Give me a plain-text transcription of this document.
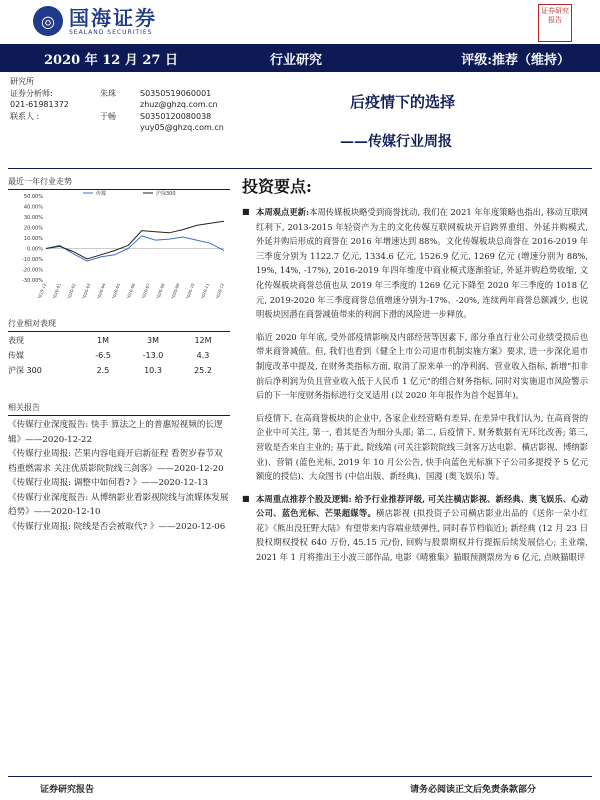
◎ 国海证券
SEALAND SECURITIES
证券研究报告
2020 年 12 月 27 日	行业研究	评级:推荐（维持）
研究所
证券分析师:	朱珠	S0350519060001
021-61981372	zhuz@ghzq.com.cn
联系人 :	于畅	S0350120080038
yuy05@ghzq.com.cn
后疫情下的选择
——传媒行业周报
最近一年行业走势
50.00%
40.00%
30.00%
20.00%
10.00%
0.00%
-10.00%
-20.00%
-30.00%
2019-12 2020-01 2020-02 2020-03 2020-04 2020-05 2020-06 2020-07 2020-08 2020-09 2020-10 2020-11 2020-12
传媒	沪深300
行业相对表现
表现	1M	3M	12M
传媒	-6.5	-13.0	4.3
沪深 300	2.5	10.3	25.2
相关报告
《传媒行业深度报告: 快手 算法之上的普惠短视频的长逻辑》——2020-12-22
《传媒行业周报: 芒果内容电商开启新征程 看贺岁春节双档重燃需求 关注优质影院院线三剑客》——2020-12-20
《传媒行业周报: 调整中如何看? 》——2020-12-13
《传媒行业深度报告: 从博纳影业看影视院线与流媒体发展趋势》——2020-12-10
《传媒行业周报: 院线是否会被取代? 》——2020-12-06
投资要点:
■ 本周观点更新:本周传媒板块略受到商誉扰动, 我们在 2021 年年度策略也指出, 移动互联网红利下, 2013-2015 年轻资产为主的文化传媒互联网板块开启跨界重组、外延并购模式, 外延并购后形成的商誉在 2016 年增速达到 88%。文化传媒板块总商誉在 2016-2019 年三季度分别为 1122.7 亿元, 1334.6 亿元, 1526.9 亿元, 1269 亿元 (增速分别为 88%, 19%, 14%, -17%), 2016-2019 年四年维度中商业模式逐渐验证, 外延并购趋势收缩, 文化传媒板块商誉总值也从 2019 年三季度的 1269 亿元下降至 2020 年三季度的 1018 亿元, 2019-2020 年三季度商誉总值增速分别为-17%、-20%, 连续两年商誉总额减少, 也说明板块因潜在商誉减值带来的利润下滑的风险进一步释放。
临近 2020 年年底, 受外部疫情影响及内部经营等因素下, 部分垂直行业公司业绩受损后也带来商誉减值。但, 我们也看到《健全上市公司退市机制实施方案》要求, 进一步深化退市制度改革中提及, 在财务类指标方面, 取消了原来单一的净利润、营业收入指标, 新增"扣非前后净利润为负且营业收入低于人民币 1 亿元"的组合财务指标, 同时对实施退市风险警示后的下一年度财务指标进行交叉适用 (以 2020 年年报作为首个起算年)。
后疫情下, 在高商誉板块的企业中, 各家企业经营略有差异, 在差异中我们认为, 在高商誉的企业中可关注, 第一, 看其是否为细分头部; 第二, 后疫情下, 财务数据有无环比改善; 第三, 营收是否来自主业的; 基于此, 院线端 (可关注影院院线三剑客万达电影、横店影视、博纳影业)、营销 (蓝色光标, 2019 年 10 月公公告, 快手向蓝色光标旗下子公司多提授予 5 亿元额度的授信)、大众图书 (中信出版、新经典)、国漫 (奥飞娱乐) 等。
■ 本周重点推荐个股及逻辑: 给予行业推荐评级, 可关注横店影视、新经典、奥飞娱乐、心动公司、蓝色光标、芒果超媒等。横店影视 (拟投资子公司横店影业出品的《送你一朵小红花》《熊出没狂野大陆》有望带来内容端业绩弹性, 同时春节档临近); 新经典 (12 月 23 日股权期权授权 640 万份, 45.15 元/份, 回购与股票期权并行提振后续发展信心; 主业端, 2021 年 1 月将推出王小波三部作品, 电影《晴雅集》猫眼预测票房为 6 亿元, 点映猫眼评
证券研究报告	请务必阅读正文后免责条款部分
